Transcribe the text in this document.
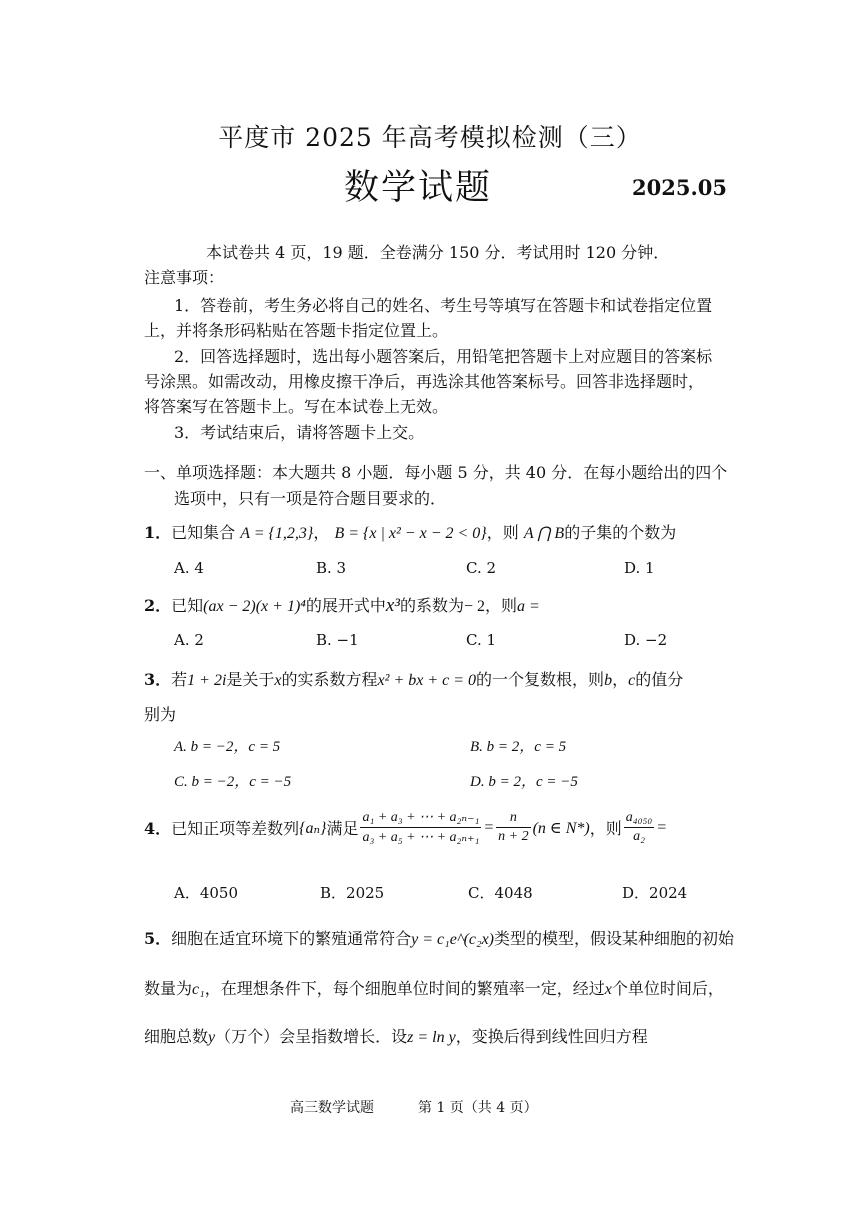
平度市 2025 年高考模拟检测（三）
数学试题	2025.05
本试卷共 4 页，19 题．全卷满分 150 分．考试用时 120 分钟．
注意事项：
1．答卷前，考生务必将自己的姓名、考生号等填写在答题卡和试卷指定位置
上，并将条形码粘贴在答题卡指定位置上。
2．回答选择题时，选出每小题答案后，用铅笔把答题卡上对应题目的答案标
号涂黑。如需改动，用橡皮擦干净后，再选涂其他答案标号。回答非选择题时，
将答案写在答题卡上。写在本试卷上无效。
3．考试结束后，请将答题卡上交。
一、单项选择题：本大题共 8 小题．每小题 5 分，共 40 分．在每小题给出的四个
选项中，只有一项是符合题目要求的．
1．已知集合 A = {1,2,3}， B = {x | x² − x − 2 < 0}，则 A ⋂ B的子集的个数为
A. 4	B. 3	C. 2	D. 1
2．已知(ax − 2)(x + 1)⁴的展开式中x³的系数为− 2，则a =
A. 2	B. −1	C. 1	D. −2
3．若1 + 2i是关于x的实系数方程x² + bx + c = 0的一个复数根，则b，c的值分
别为
A. b = −2，c = 5	B. b = 2，c = 5
C. b = −2，c = −5	D. b = 2，c = −5
4． 已知正项等差数列 {aₙ} 满足 $\frac{\text{a₁ + a₃ + ⋯ + a₂ₙ₋₁}}{\text{a₃ + a₅ + ⋯ + a₂ₙ₊₁}} = \frac{n}{n + 2} (n$ ∈ N*) ，则 $\frac{\text{a₄₀₅₀}}{\text{a₂}}$ =
A．4050	B．2025	C．4048	D．2024
5．细胞在适宜环境下的繁殖通常符合y = c₁e^(c₂x)类型的模型，假设某种细胞的初始
数量为c₁，在理想条件下，每个细胞单位时间的繁殖率一定，经过x个单位时间后，
细胞总数y（万个）会呈指数增长．设z = ln y，变换后得到线性回归方程
高三数学试题	第 1 页（共 4 页）
